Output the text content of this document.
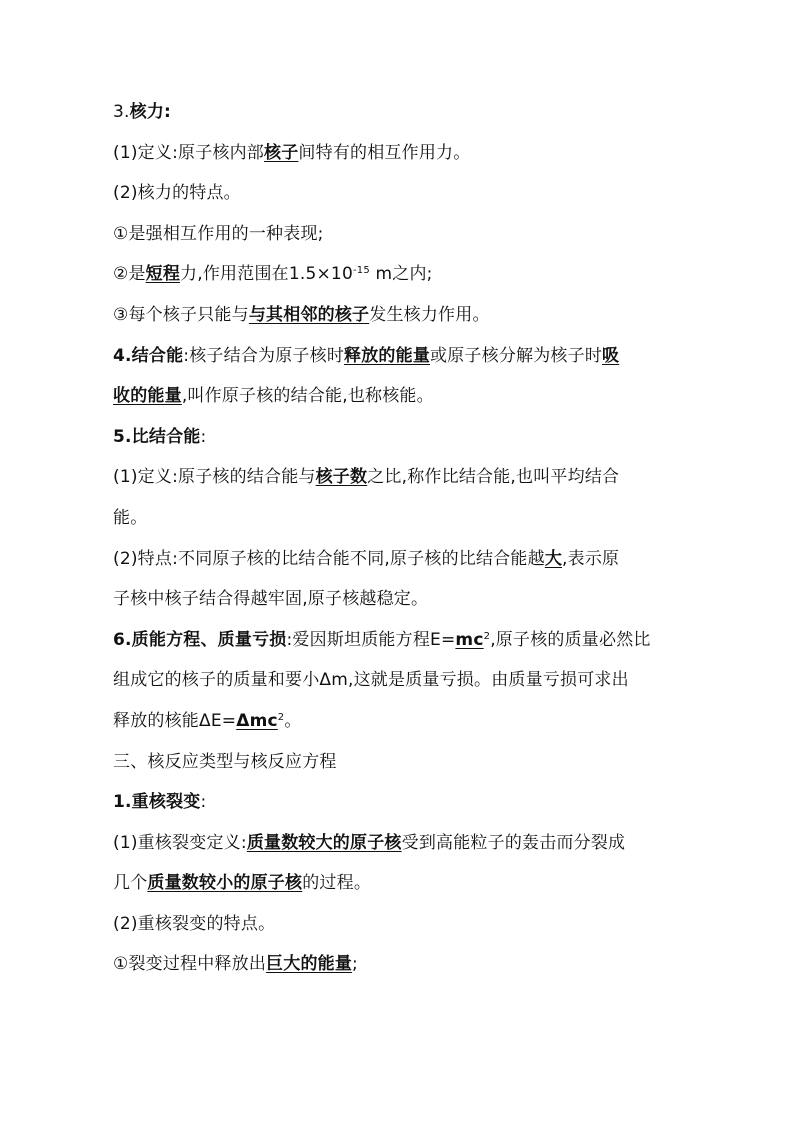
3.核力:
(1)定义:原子核内部核子间特有的相互作用力。
(2)核力的特点。
①是强相互作用的一种表现;
②是短程力,作用范围在$1.5\times 10^{-15}$ m之内;
③每个核子只能与与其相邻的核子发生核力作用。
4.结合能:核子结合为原子核时释放的能量或原子核分解为核子时吸
收的能量,叫作原子核的结合能,也称核能。
5.比结合能:
(1)定义:原子核的结合能与核子数之比,称作比结合能,也叫平均结合
能。
(2)特点:不同原子核的比结合能不同,原子核的比结合能越大,表示原
子核中核子结合得越牢固,原子核越稳定。
6.质能方程、质量亏损:爱因斯坦质能方程$E=mc^2$,原子核的质量必然比
组成它的核子的质量和要小Δm,这就是质量亏损。由质量亏损可求出
释放的核能ΔE=Δmc$^2$。
三、核反应类型与核反应方程
1.重核裂变:
(1)重核裂变定义:质量数较大的原子核受到高能粒子的轰击而分裂成
几个质量数较小的原子核的过程。
(2)重核裂变的特点。
①裂变过程中释放出巨大的能量;
